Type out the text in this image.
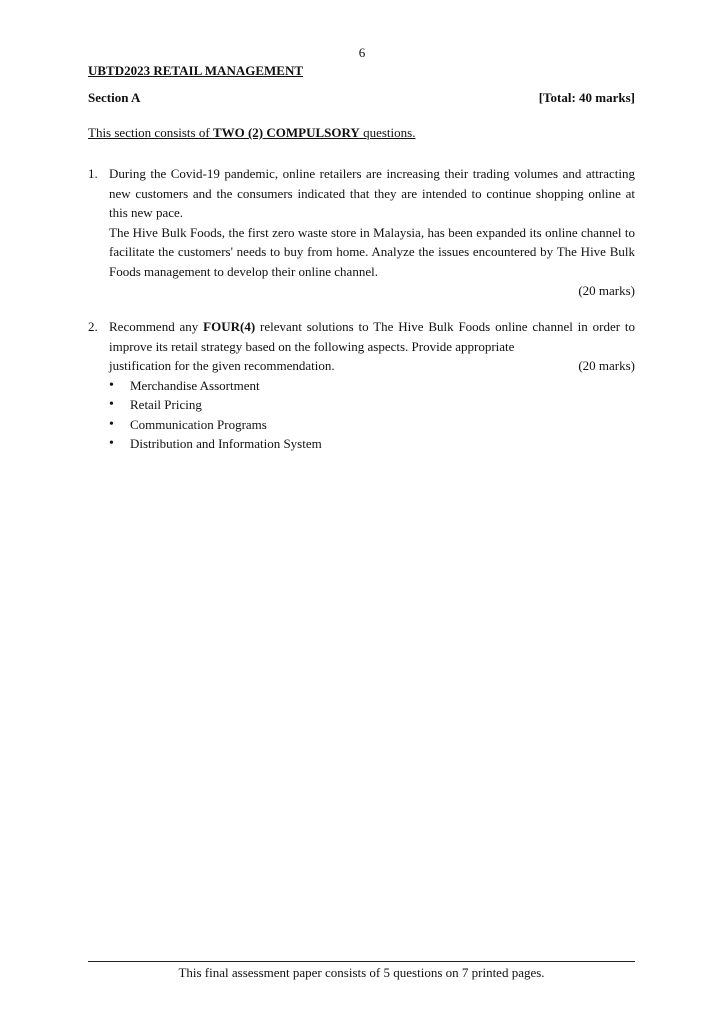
6
UBTD2023 RETAIL MANAGEMENT
Section A	[Total: 40 marks]
This section consists of TWO (2) COMPULSORY questions.
1. During the Covid-19 pandemic, online retailers are increasing their trading volumes and attracting new customers and the consumers indicated that they are intended to continue shopping online at this new pace.
The Hive Bulk Foods, the first zero waste store in Malaysia, has been expanded its online channel to facilitate the customers' needs to buy from home. Analyze the issues encountered by The Hive Bulk Foods management to develop their online channel.
(20 marks)
2. Recommend any FOUR(4) relevant solutions to The Hive Bulk Foods online channel in order to improve its retail strategy based on the following aspects. Provide appropriate
justification for the given recommendation.	(20 marks)
• Merchandise Assortment
• Retail Pricing
• Communication Programs
• Distribution and Information System
This final assessment paper consists of 5 questions on 7 printed pages.
